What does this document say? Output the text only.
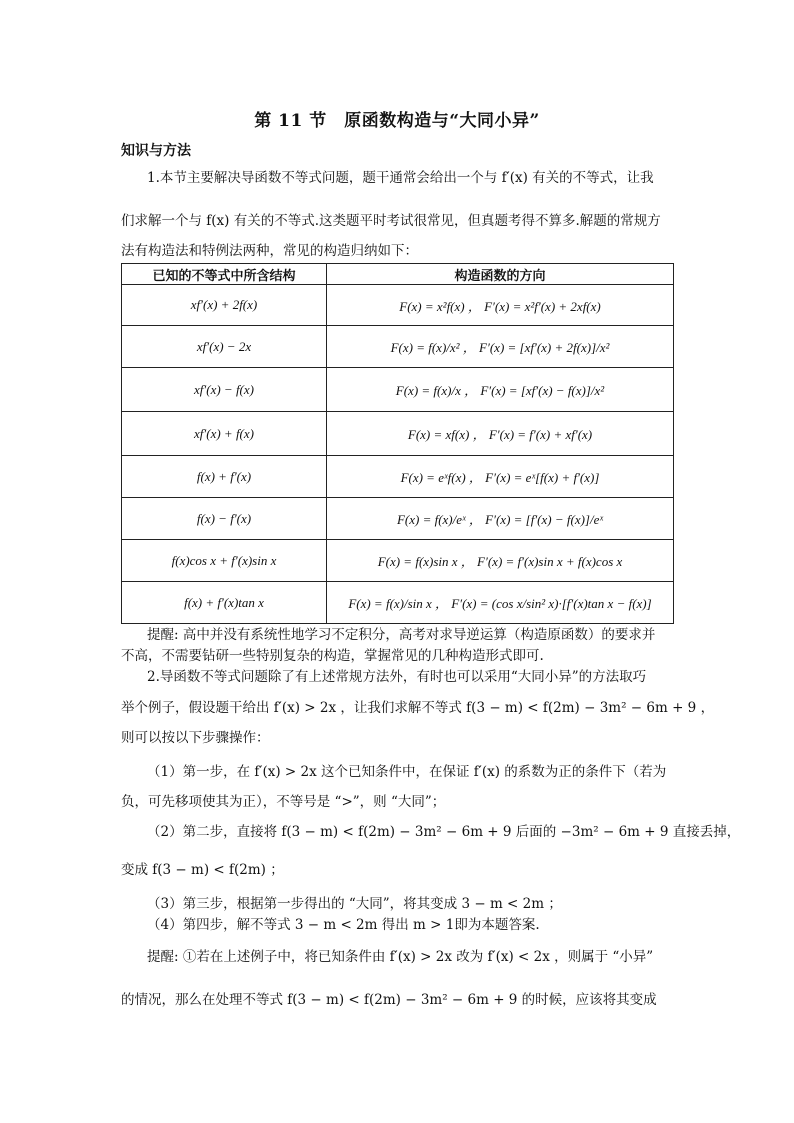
第 11 节　原函数构造与“大同小异”
知识与方法
1.本节主要解决导函数不等式问题，题干通常会给出一个与 f′(x) 有关的不等式，让我
们求解一个与 f(x) 有关的不等式.这类题平时考试很常见，但真题考得不算多.解题的常规方
法有构造法和特例法两种，常见的构造归纳如下：
已知的不等式中所含结构	构造函数的方向
xf′(x) + 2f(x)	F(x) = x²f(x) ， F′(x) = x²f′(x) + 2xf(x)
xf′(x) − 2x	F(x) = f(x)/x² ， F′(x) = [xf′(x) + 2f(x)]/x²
xf′(x) − f(x)	F(x) = f(x)/x ， F′(x) = [xf′(x) − f(x)]/x²
xf′(x) + f(x)	F(x) = xf(x) ， F′(x) = f′(x) + xf′(x)
f(x) + f′(x)	F(x) = eˣf(x) ， F′(x) = eˣ[f(x) + f′(x)]
f(x) − f′(x)	F(x) = f(x)/eˣ ， F′(x) = [f′(x) − f(x)]/eˣ
f(x)cos x + f′(x)sin x	F(x) = f(x)sin x ， F′(x) = f′(x)sin x + f(x)cos x
f(x) + f′(x)tan x	F(x) = f(x)/sin x ， F′(x) = (cos x/sin² x)·[f′(x)tan x − f(x)]
提醒: 高中并没有系统性地学习不定积分，高考对求导逆运算（构造原函数）的要求并
不高，不需要钻研一些特别复杂的构造，掌握常见的几种构造形式即可.
2.导函数不等式问题除了有上述常规方法外，有时也可以采用“大同小异”的方法取巧
举个例子，假设题干给出 f′(x) > 2x ，让我们求解不等式 f(3 − m) < f(2m) − 3m² − 6m + 9 ，
则可以按以下步骤操作：
（1）第一步，在 f′(x) > 2x 这个已知条件中，在保证 f′(x) 的系数为正的条件下（若为
负，可先移项使其为正），不等号是 “>”，则 “大同”；
（2）第二步，直接将 f(3 − m) < f(2m) − 3m² − 6m + 9 后面的 −3m² − 6m + 9 直接丢掉，
变成 f(3 − m) < f(2m) ；
（3）第三步，根据第一步得出的 “大同”，将其变成 3 − m < 2m ；
（4）第四步，解不等式 3 − m < 2m 得出 m > 1即为本题答案.
提醒: ①若在上述例子中，将已知条件由 f′(x) > 2x 改为 f′(x) < 2x ，则属于 “小异”
的情况，那么在处理不等式 f(3 − m) < f(2m) − 3m² − 6m + 9 的时候，应该将其变成
